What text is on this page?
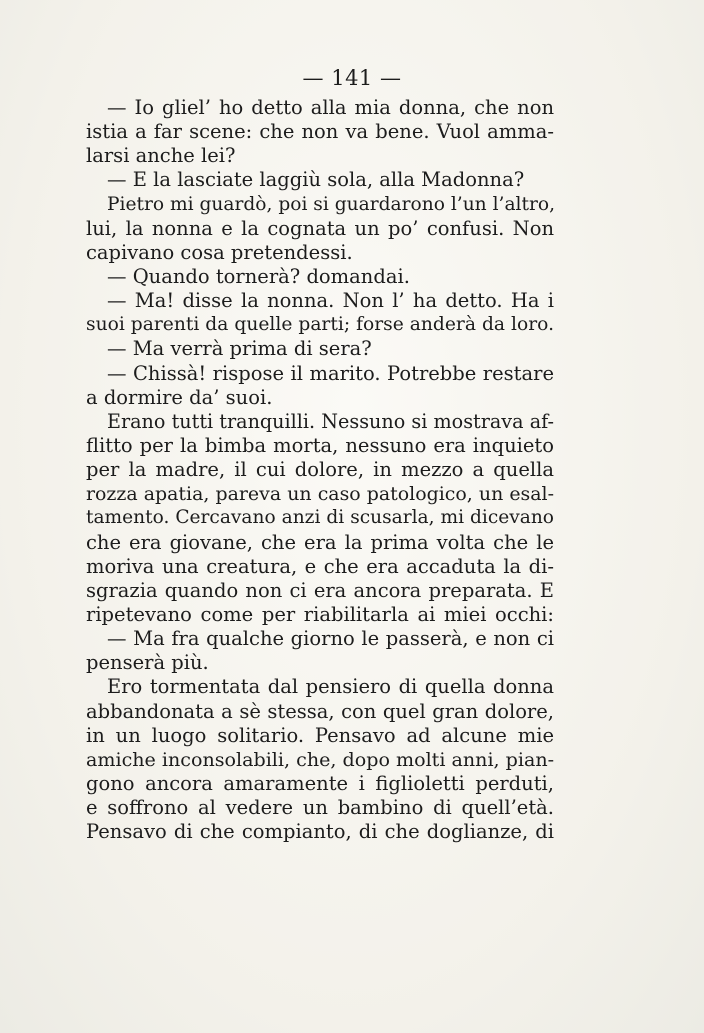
— 141 —
— Io gliel’ ho detto alla mia donna, che non
istia a far scene: che non va bene. Vuol amma-
larsi anche lei?
— E la lasciate laggiù sola, alla Madonna?
Pietro mi guardò, poi si guardarono l’un l’altro,
lui, la nonna e la cognata un po’ confusi. Non
capivano cosa pretendessi.
— Quando tornerà? domandai.
— Ma! disse la nonna. Non l’ ha detto. Ha i
suoi parenti da quelle parti; forse anderà da loro.
— Ma verrà prima di sera?
— Chissà! rispose il marito. Potrebbe restare
a dormire da’ suoi.
Erano tutti tranquilli. Nessuno si mostrava af-
flitto per la bimba morta, nessuno era inquieto
per la madre, il cui dolore, in mezzo a quella
rozza apatia, pareva un caso patologico, un esal-
tamento. Cercavano anzi di scusarla, mi dicevano
che era giovane, che era la prima volta che le
moriva una creatura, e che era accaduta la di-
sgrazia quando non ci era ancora preparata. E
ripetevano come per riabilitarla ai miei occhi:
— Ma fra qualche giorno le passerà, e non ci
penserà più.
Ero tormentata dal pensiero di quella donna
abbandonata a sè stessa, con quel gran dolore,
in un luogo solitario. Pensavo ad alcune mie
amiche inconsolabili, che, dopo molti anni, pian-
gono ancora amaramente i figlioletti perduti,
e soffrono al vedere un bambino di quell’età.
Pensavo di che compianto, di che doglianze, di
